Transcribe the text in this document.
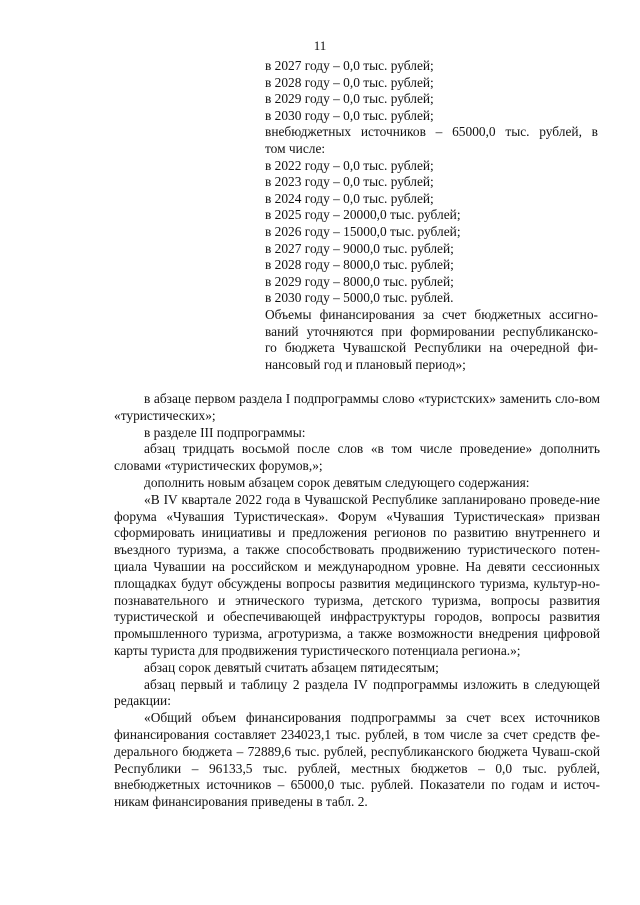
11
в 2027 году – 0,0 тыс. рублей;
в 2028 году – 0,0 тыс. рублей;
в 2029 году – 0,0 тыс. рублей;
в 2030 году – 0,0 тыс. рублей;
внебюджетных источников – 65000,0 тыс. рублей, в
том числе:
в 2022 году – 0,0 тыс. рублей;
в 2023 году – 0,0 тыс. рублей;
в 2024 году – 0,0 тыс. рублей;
в 2025 году – 20000,0 тыс. рублей;
в 2026 году – 15000,0 тыс. рублей;
в 2027 году – 9000,0 тыс. рублей;
в 2028 году – 8000,0 тыс. рублей;
в 2029 году – 8000,0 тыс. рублей;
в 2030 году – 5000,0 тыс. рублей.
Объемы финансирования за счет бюджетных ассигно-
ваний уточняются при формировании республиканско-
го бюджета Чувашской Республики на очередной фи-
нансовый год и плановый период»;
в абзаце первом раздела I подпрограммы слово «туристских» заменить сло-вом «туристических»;
в разделе III подпрограммы:
абзац тридцать восьмой после слов «в том числе проведение» дополнить словами «туристических форумов,»;
дополнить новым абзацем сорок девятым следующего содержания:
«В IV квартале 2022 года в Чувашской Республике запланировано проведе-ние форума «Чувашия Туристическая». Форум «Чувашия Туристическая» призван сформировать инициативы и предложения регионов по развитию внутреннего и въездного туризма, а также способствовать продвижению туристического потен-циала Чувашии на российском и международном уровне. На девяти сессионных площадках будут обсуждены вопросы развития медицинского туризма, культур-но-познавательного и этнического туризма, детского туризма, вопросы развития туристической и обеспечивающей инфраструктуры городов, вопросы развития промышленного туризма, агротуризма, а также возможности внедрения цифровой карты туриста для продвижения туристического потенциала региона.»;
абзац сорок девятый считать абзацем пятидесятым;
абзац первый и таблицу 2 раздела IV подпрограммы изложить в следующей редакции:
«Общий объем финансирования подпрограммы за счет всех источников финансирования составляет 234023,1 тыс. рублей, в том числе за счет средств фе-дерального бюджета – 72889,6 тыс. рублей, республиканского бюджета Чуваш-ской Республики – 96133,5 тыс. рублей, местных бюджетов – 0,0 тыс. рублей, внебюджетных источников – 65000,0 тыс. рублей. Показатели по годам и источ-никам финансирования приведены в табл. 2.
